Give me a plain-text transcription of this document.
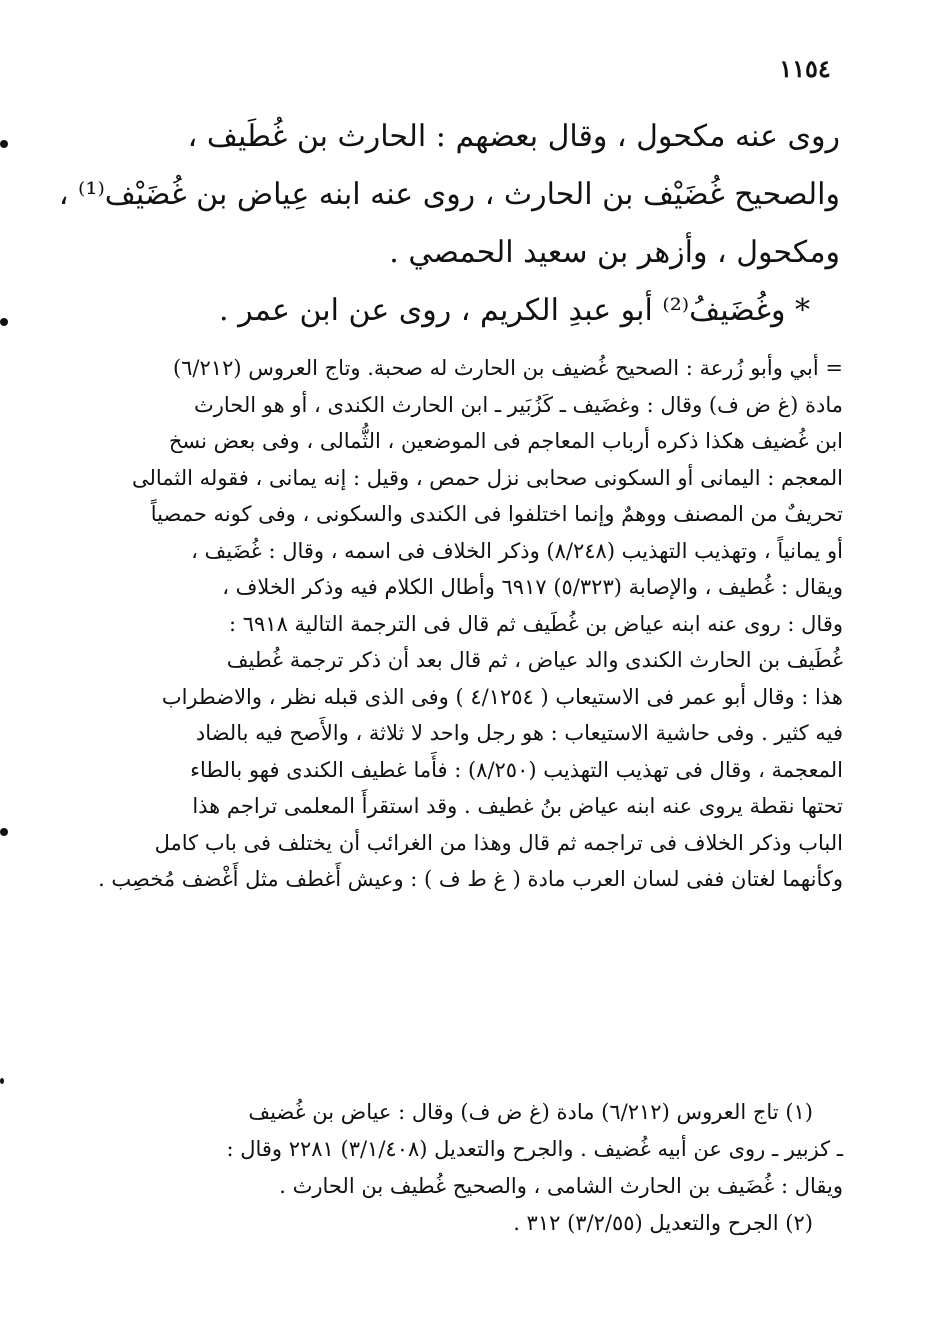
١١٥٤
روى عنه مكحول ، وقال بعضهم : الحارث بن غُطَيف ،
والصحيح غُضَيْف بن الحارث ، روى عنه ابنه عِياض بن غُضَيْف⁽¹⁾ ،
ومكحول ، وأزهر بن سعيد الحمصي .
* وغُضَيفُ⁽²⁾ أبو عبدِ الكريم ، روى عن ابن عمر .
= أبي وأبو زُرعة : الصحيح غُضيف بن الحارث له صحبة. وتاج العروس (٦/٢١٢)
مادة (غ ض ف) وقال : وغضَيف ـ كَزُبَير ـ ابن الحارث الكندى ، أو هو الحارث
ابن غُضيف هكذا ذكره أرباب المعاجم فى الموضعين ، الثُّمالى ، وفى بعض نسخ
المعجم : اليمانى أو السكونى صحابى نزل حمص ، وقيل : إنه يمانى ، فقوله الثمالى
تحريفٌ من المصنف ووهمٌ وإنما اختلفوا فى الكندى والسكونى ، وفى كونه حمصياً
أو يمانياً ، وتهذيب التهذيب (٨/٢٤٨) وذكر الخلاف فى اسمه ، وقال : غُضَيف ،
ويقال : غُطيف ، والإصابة (٥/٣٢٣) ٦٩١٧ وأطال الكلام فيه وذكر الخلاف ،
وقال : روى عنه ابنه عياض بن غُطَيف ثم قال فى الترجمة التالية ٦٩١٨ :
غُطَيف بن الحارث الكندى والد عياض ، ثم قال بعد أن ذكر ترجمة غُطيف
هذا : وقال أبو عمر فى الاستيعاب ( ٤/١٢٥٤ ) وفى الذى قبله نظر ، والاضطراب
فيه كثير . وفى حاشية الاستيعاب : هو رجل واحد لا ثلاثة ، والأَصح فيه بالضاد
المعجمة ، وقال فى تهذيب التهذيب (٨/٢٥٠) : فأَما غطيف الكندى فهو بالطاء
تحتها نقطة يروى عنه ابنه عياض بنُ غطيف . وقد استقرأَ المعلمى تراجم هذا
الباب وذكر الخلاف فى تراجمه ثم قال وهذا من الغرائب أن يختلف فى باب كامل
وكأنهما لغتان ففى لسان العرب مادة ( غ ط ف ) : وعيش أَغطف مثل أَغْضف مُخصِب .
(١) تاج العروس (٦/٢١٢) مادة (غ ض ف) وقال : عياض بن غُضيف
ـ كزبير ـ روى عن أبيه غُضيف . والجرح والتعديل (٣/١/٤٠٨) ٢٢٨١ وقال :
ويقال : غُضَيف بن الحارث الشامى ، والصحيح غُطيف بن الحارث .
(٢) الجرح والتعديل (٣/٢/٥٥) ٣١٢ .
